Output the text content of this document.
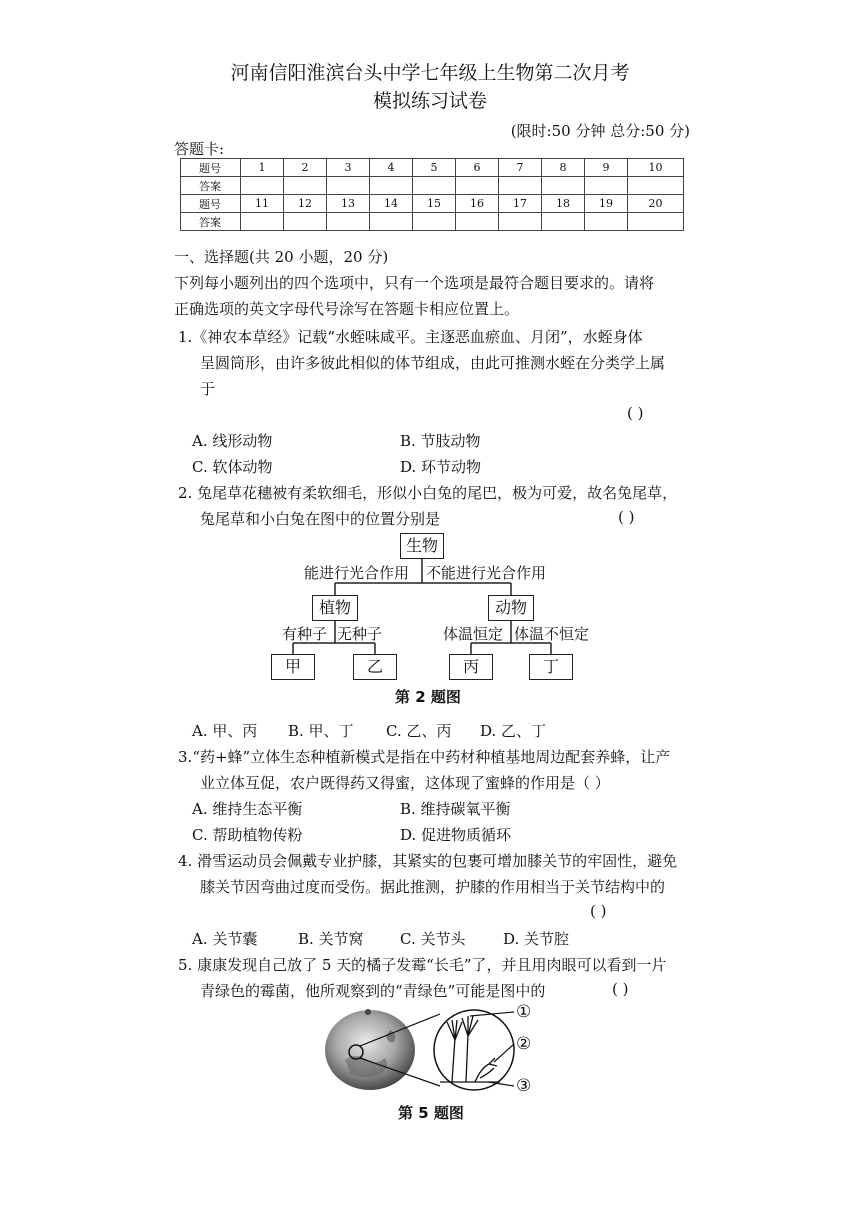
河南信阳淮滨台头中学七年级上生物第二次月考
模拟练习试卷
(限时:50 分钟 总分:50 分)
答题卡:
题号	1	2	3	4	5	6	7	8	9	10
答案										
题号	11	12	13	14	15	16	17	18	19	20
答案										
一、选择题(共 20 小题，20 分)
下列每小题列出的四个选项中，只有一个选项是最符合题目要求的。请将
正确选项的英文字母代号涂写在答题卡相应位置上。
1.《神农本草经》记载“水蛭味咸平。主逐恶血瘀血、月闭”，水蛭身体
呈圆筒形，由许多彼此相似的体节组成，由此可推测水蛭在分类学上属
于
( )
A. 线形动物	B. 节肢动物
C. 软体动物	D. 环节动物
2. 兔尾草花穗被有柔软细毛，形似小白兔的尾巴，极为可爱，故名兔尾草，
兔尾草和小白兔在图中的位置分别是	( )
生物
能进行光合作用 不能进行光合作用
植物	动物
有种子 无种子	体温恒定 体温不恒定
甲	乙	丙	丁
第 2 题图
A. 甲、丙 B. 甲、丁 C. 乙、丙 D. 乙、丁
3.“药+蜂”立体生态种植新模式是指在中药材种植基地周边配套养蜂，让产
业立体互促，农户既得药又得蜜，这体现了蜜蜂的作用是（ ）
A. 维持生态平衡	B. 维持碳氧平衡
C. 帮助植物传粉	D. 促进物质循环
4. 滑雪运动员会佩戴专业护膝，其紧实的包裹可增加膝关节的牢固性，避免
膝关节因弯曲过度而受伤。据此推测，护膝的作用相当于关节结构中的
( )
A. 关节囊	B. 关节窝 C. 关节头	D. 关节腔
5. 康康发现自己放了 5 天的橘子发霉“长毛”了，并且用肉眼可以看到一片
青绿色的霉菌，他所观察到的“青绿色”可能是图中的	( )
①
②
③
第 5 题图
